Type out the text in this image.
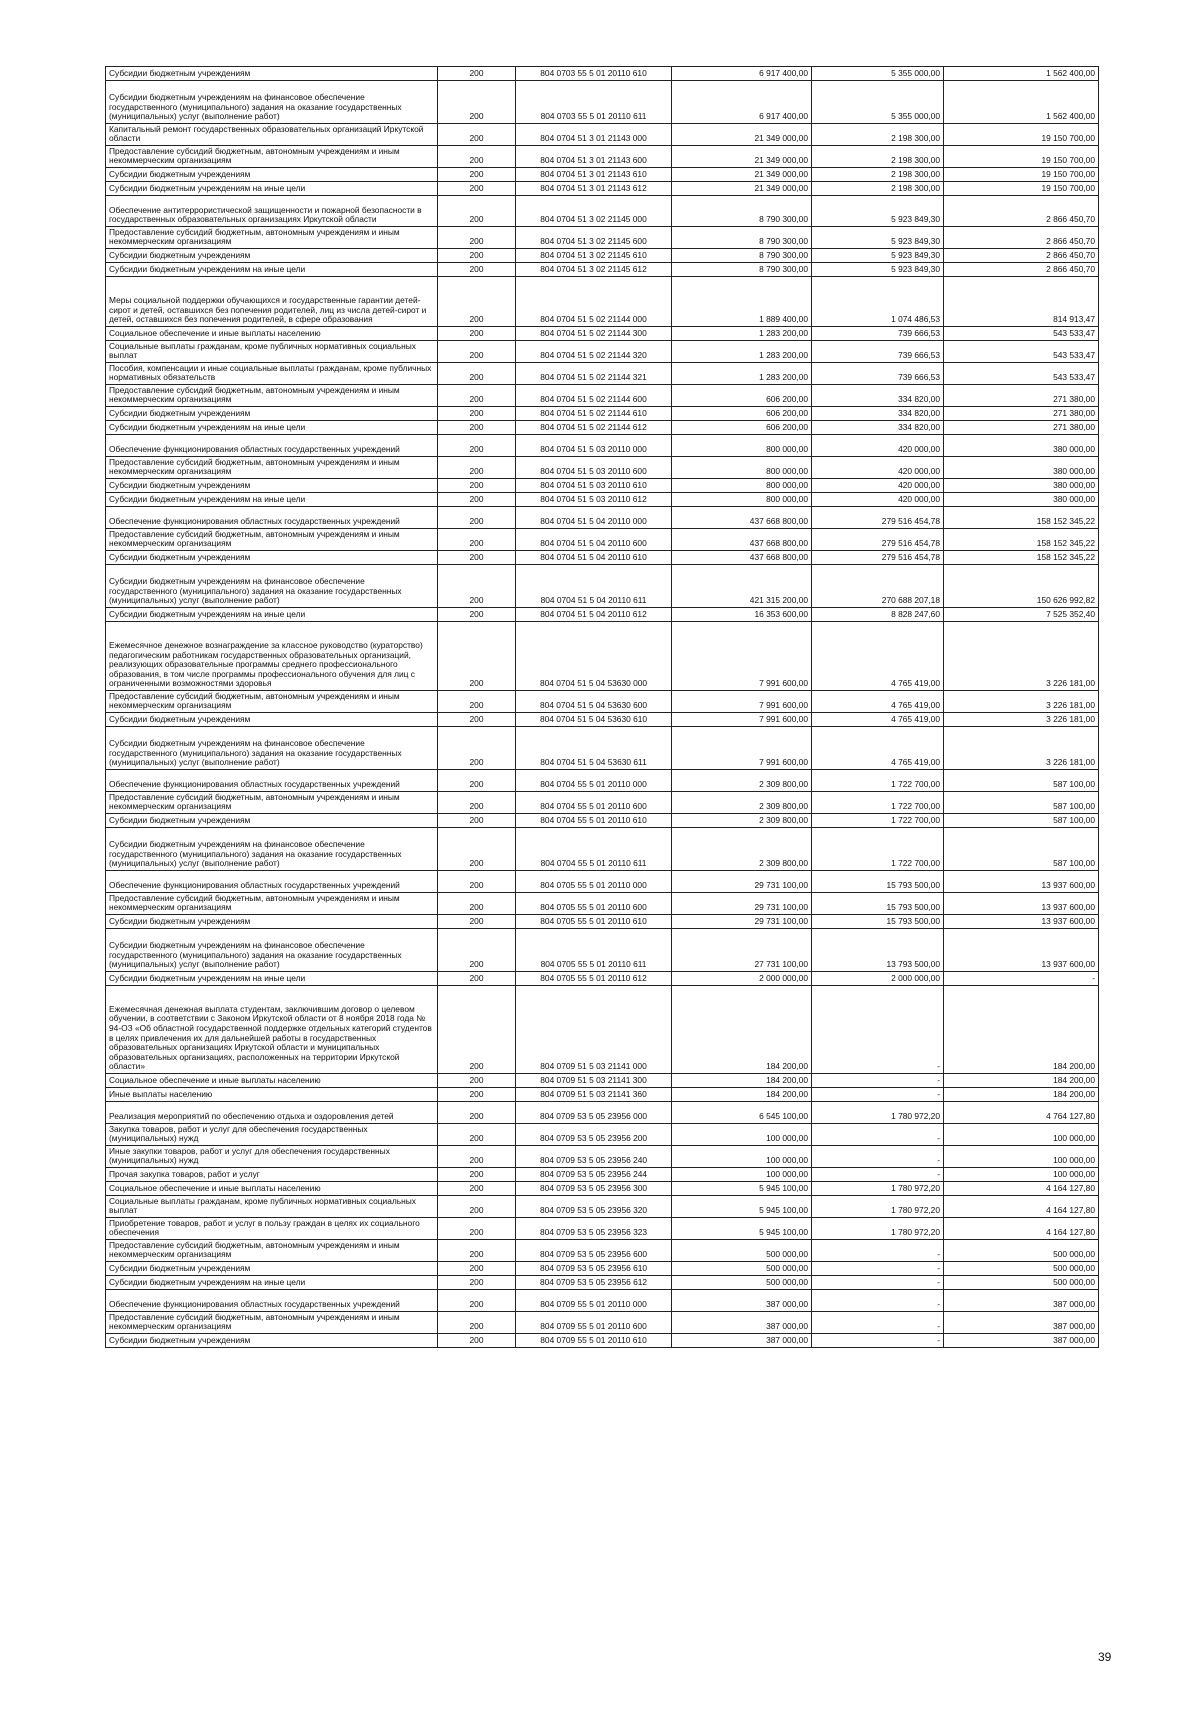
Субсидии бюджетным учреждениям	200	804 0703 55 5 01 20110 610	6 917 400,00	5 355 000,00	1 562 400,00
Субсидии бюджетным учреждениям на финансовое обеспечение государственного (муниципального) задания на оказание государственных (муниципальных) услуг (выполнение работ)	200	804 0703 55 5 01 20110 611	6 917 400,00	5 355 000,00	1 562 400,00
Капитальный ремонт государственных образовательных организаций Иркутской области	200	804 0704 51 3 01 21143 000	21 349 000,00	2 198 300,00	19 150 700,00
Предоставление субсидий бюджетным, автономным учреждениям и иным некоммерческим организациям	200	804 0704 51 3 01 21143 600	21 349 000,00	2 198 300,00	19 150 700,00
Субсидии бюджетным учреждениям	200	804 0704 51 3 01 21143 610	21 349 000,00	2 198 300,00	19 150 700,00
Субсидии бюджетным учреждениям на иные цели	200	804 0704 51 3 01 21143 612	21 349 000,00	2 198 300,00	19 150 700,00
Обеспечение антитеррористической защищенности и пожарной безопасности в государственных образовательных организациях Иркутской области	200	804 0704 51 3 02 21145 000	8 790 300,00	5 923 849,30	2 866 450,70
Предоставление субсидий бюджетным, автономным учреждениям и иным некоммерческим организациям	200	804 0704 51 3 02 21145 600	8 790 300,00	5 923 849,30	2 866 450,70
Субсидии бюджетным учреждениям	200	804 0704 51 3 02 21145 610	8 790 300,00	5 923 849,30	2 866 450,70
Субсидии бюджетным учреждениям на иные цели	200	804 0704 51 3 02 21145 612	8 790 300,00	5 923 849,30	2 866 450,70
Меры социальной поддержки обучающихся и государственные гарантии детей-сирот и детей, оставшихся без попечения родителей, лиц из числа детей-сирот и детей, оставшихся без попечения родителей, в сфере образования	200	804 0704 51 5 02 21144 000	1 889 400,00	1 074 486,53	814 913,47
Социальное обеспечение и иные выплаты населению	200	804 0704 51 5 02 21144 300	1 283 200,00	739 666,53	543 533,47
Социальные выплаты гражданам, кроме публичных нормативных социальных выплат	200	804 0704 51 5 02 21144 320	1 283 200,00	739 666,53	543 533,47
Пособия, компенсации и иные социальные выплаты гражданам, кроме публичных нормативных обязательств	200	804 0704 51 5 02 21144 321	1 283 200,00	739 666,53	543 533,47
Предоставление субсидий бюджетным, автономным учреждениям и иным некоммерческим организациям	200	804 0704 51 5 02 21144 600	606 200,00	334 820,00	271 380,00
Субсидии бюджетным учреждениям	200	804 0704 51 5 02 21144 610	606 200,00	334 820,00	271 380,00
Субсидии бюджетным учреждениям на иные цели	200	804 0704 51 5 02 21144 612	606 200,00	334 820,00	271 380,00
Обеспечение функционирования областных государственных учреждений	200	804 0704 51 5 03 20110 000	800 000,00	420 000,00	380 000,00
Предоставление субсидий бюджетным, автономным учреждениям и иным некоммерческим организациям	200	804 0704 51 5 03 20110 600	800 000,00	420 000,00	380 000,00
Субсидии бюджетным учреждениям	200	804 0704 51 5 03 20110 610	800 000,00	420 000,00	380 000,00
Субсидии бюджетным учреждениям на иные цели	200	804 0704 51 5 03 20110 612	800 000,00	420 000,00	380 000,00
Обеспечение функционирования областных государственных учреждений	200	804 0704 51 5 04 20110 000	437 668 800,00	279 516 454,78	158 152 345,22
Предоставление субсидий бюджетным, автономным учреждениям и иным некоммерческим организациям	200	804 0704 51 5 04 20110 600	437 668 800,00	279 516 454,78	158 152 345,22
Субсидии бюджетным учреждениям	200	804 0704 51 5 04 20110 610	437 668 800,00	279 516 454,78	158 152 345,22
Субсидии бюджетным учреждениям на финансовое обеспечение государственного (муниципального) задания на оказание государственных (муниципальных) услуг (выполнение работ)	200	804 0704 51 5 04 20110 611	421 315 200,00	270 688 207,18	150 626 992,82
Субсидии бюджетным учреждениям на иные цели	200	804 0704 51 5 04 20110 612	16 353 600,00	8 828 247,60	7 525 352,40
Ежемесячное денежное вознаграждение за классное руководство (кураторство) педагогическим работникам государственных образовательных организаций, реализующих образовательные программы среднего профессионального образования, в том числе программы профессионального обучения для лиц с ограниченными возможностями здоровья	200	804 0704 51 5 04 53630 000	7 991 600,00	4 765 419,00	3 226 181,00
Предоставление субсидий бюджетным, автономным учреждениям и иным некоммерческим организациям	200	804 0704 51 5 04 53630 600	7 991 600,00	4 765 419,00	3 226 181,00
Субсидии бюджетным учреждениям	200	804 0704 51 5 04 53630 610	7 991 600,00	4 765 419,00	3 226 181,00
Субсидии бюджетным учреждениям на финансовое обеспечение государственного (муниципального) задания на оказание государственных (муниципальных) услуг (выполнение работ)	200	804 0704 51 5 04 53630 611	7 991 600,00	4 765 419,00	3 226 181,00
Обеспечение функционирования областных государственных учреждений	200	804 0704 55 5 01 20110 000	2 309 800,00	1 722 700,00	587 100,00
Предоставление субсидий бюджетным, автономным учреждениям и иным некоммерческим организациям	200	804 0704 55 5 01 20110 600	2 309 800,00	1 722 700,00	587 100,00
Субсидии бюджетным учреждениям	200	804 0704 55 5 01 20110 610	2 309 800,00	1 722 700,00	587 100,00
Субсидии бюджетным учреждениям на финансовое обеспечение государственного (муниципального) задания на оказание государственных (муниципальных) услуг (выполнение работ)	200	804 0704 55 5 01 20110 611	2 309 800,00	1 722 700,00	587 100,00
Обеспечение функционирования областных государственных учреждений	200	804 0705 55 5 01 20110 000	29 731 100,00	15 793 500,00	13 937 600,00
Предоставление субсидий бюджетным, автономным учреждениям и иным некоммерческим организациям	200	804 0705 55 5 01 20110 600	29 731 100,00	15 793 500,00	13 937 600,00
Субсидии бюджетным учреждениям	200	804 0705 55 5 01 20110 610	29 731 100,00	15 793 500,00	13 937 600,00
Субсидии бюджетным учреждениям на финансовое обеспечение государственного (муниципального) задания на оказание государственных (муниципальных) услуг (выполнение работ)	200	804 0705 55 5 01 20110 611	27 731 100,00	13 793 500,00	13 937 600,00
Субсидии бюджетным учреждениям на иные цели	200	804 0705 55 5 01 20110 612	2 000 000,00	2 000 000,00	-
Ежемесячная денежная выплата студентам, заключившим договор о целевом обучении, в соответствии с Законом Иркутской области от 8 ноября 2018 года № 94-ОЗ «Об областной государственной поддержке отдельных категорий студентов в целях привлечения их для дальнейшей работы в государственных образовательных организациях Иркутской области и муниципальных образовательных организациях, расположенных на территории Иркутской области»	200	804 0709 51 5 03 21141 000	184 200,00	-	184 200,00
Социальное обеспечение и иные выплаты населению	200	804 0709 51 5 03 21141 300	184 200,00	-	184 200,00
Иные выплаты населению	200	804 0709 51 5 03 21141 360	184 200,00	-	184 200,00
Реализация мероприятий по обеспечению отдыха и оздоровления детей	200	804 0709 53 5 05 23956 000	6 545 100,00	1 780 972,20	4 764 127,80
Закупка товаров, работ и услуг для обеспечения государственных (муниципальных) нужд	200	804 0709 53 5 05 23956 200	100 000,00	-	100 000,00
Иные закупки товаров, работ и услуг для обеспечения государственных (муниципальных) нужд	200	804 0709 53 5 05 23956 240	100 000,00	-	100 000,00
Прочая закупка товаров, работ и услуг	200	804 0709 53 5 05 23956 244	100 000,00	-	100 000,00
Социальное обеспечение и иные выплаты населению	200	804 0709 53 5 05 23956 300	5 945 100,00	1 780 972,20	4 164 127,80
Социальные выплаты гражданам, кроме публичных нормативных социальных выплат	200	804 0709 53 5 05 23956 320	5 945 100,00	1 780 972,20	4 164 127,80
Приобретение товаров, работ и услуг в пользу граждан в целях их социального обеспечения	200	804 0709 53 5 05 23956 323	5 945 100,00	1 780 972,20	4 164 127,80
Предоставление субсидий бюджетным, автономным учреждениям и иным некоммерческим организациям	200	804 0709 53 5 05 23956 600	500 000,00	-	500 000,00
Субсидии бюджетным учреждениям	200	804 0709 53 5 05 23956 610	500 000,00	-	500 000,00
Субсидии бюджетным учреждениям на иные цели	200	804 0709 53 5 05 23956 612	500 000,00	-	500 000,00
Обеспечение функционирования областных государственных учреждений	200	804 0709 55 5 01 20110 000	387 000,00	-	387 000,00
Предоставление субсидий бюджетным, автономным учреждениям и иным некоммерческим организациям	200	804 0709 55 5 01 20110 600	387 000,00	-	387 000,00
Субсидии бюджетным учреждениям	200	804 0709 55 5 01 20110 610	387 000,00	-	387 000,00
39
